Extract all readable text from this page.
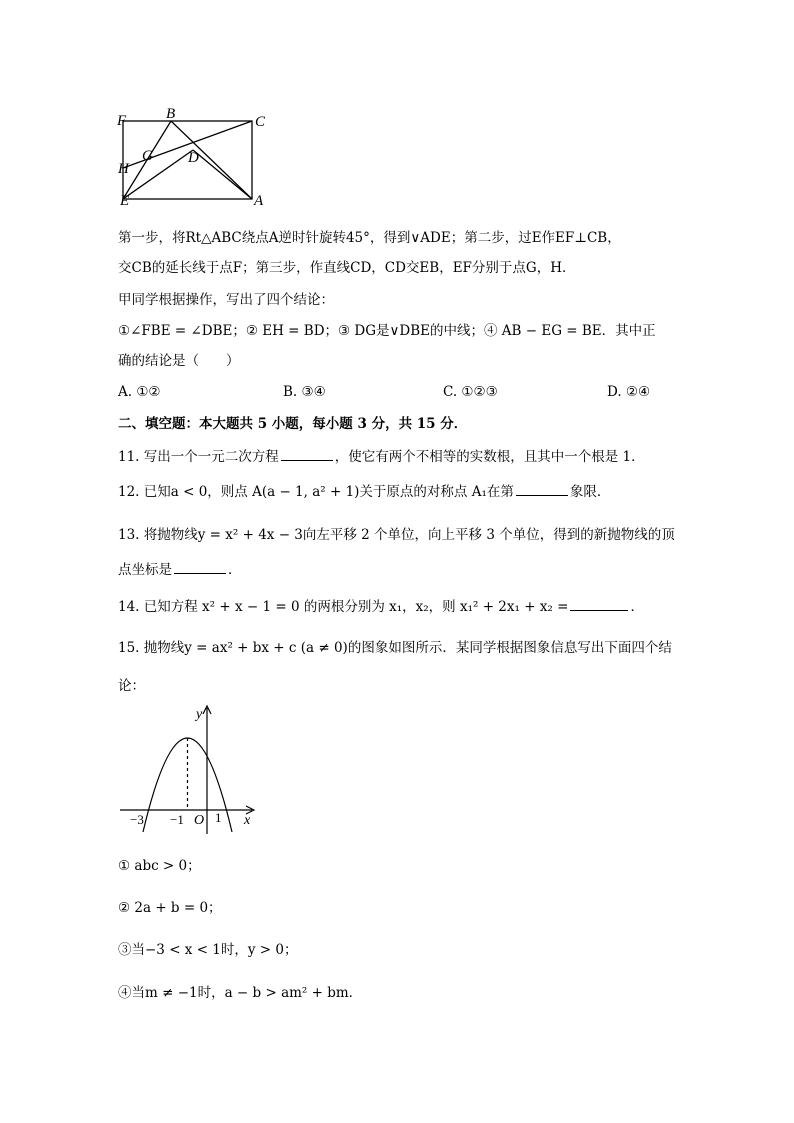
F	B	C
G D
H
E	A
第一步，将Rt△ABC绕点A逆时针旋转45°，得到∨ADE；第二步，过E作EF⊥CB，
交CB的延长线于点F；第三步，作直线CD，CD交EB，EF分别于点G，H．
甲同学根据操作，写出了四个结论：
①∠FBE = ∠DBE；② EH = BD；③ DG是∨DBE的中线；④ AB − EG = BE．其中正
确的结论是（　　）
A. ①②	B. ③④	C. ①②③	D. ②④
二、填空题：本大题共 5 小题，每小题 3 分，共 15 分．
11. 写出一个一元二次方程	，使它有两个不相等的实数根，且其中一个根是 1．
12. 已知a < 0，则点 A(a − 1, a² + 1)关于原点的对称点 A₁在第	象限．
13. 将抛物线y = x² + 4x − 3向左平移 2 个单位，向上平移 3 个单位，得到的新抛物线的顶
点坐标是	．
14. 已知方程 x² + x − 1 = 0 的两根分别为 x₁，x₂，则 x₁² + 2x₁ + x₂ =	．
15. 抛物线y = ax² + bx + c (a ≠ 0)的图象如图所示．某同学根据图象信息写出下面四个结
论：
y
x
O
−3 −1 1
① abc > 0；
② 2a + b = 0；
③当−3 < x < 1时，y > 0；
④当m ≠ −1时，a − b > am² + bm．
